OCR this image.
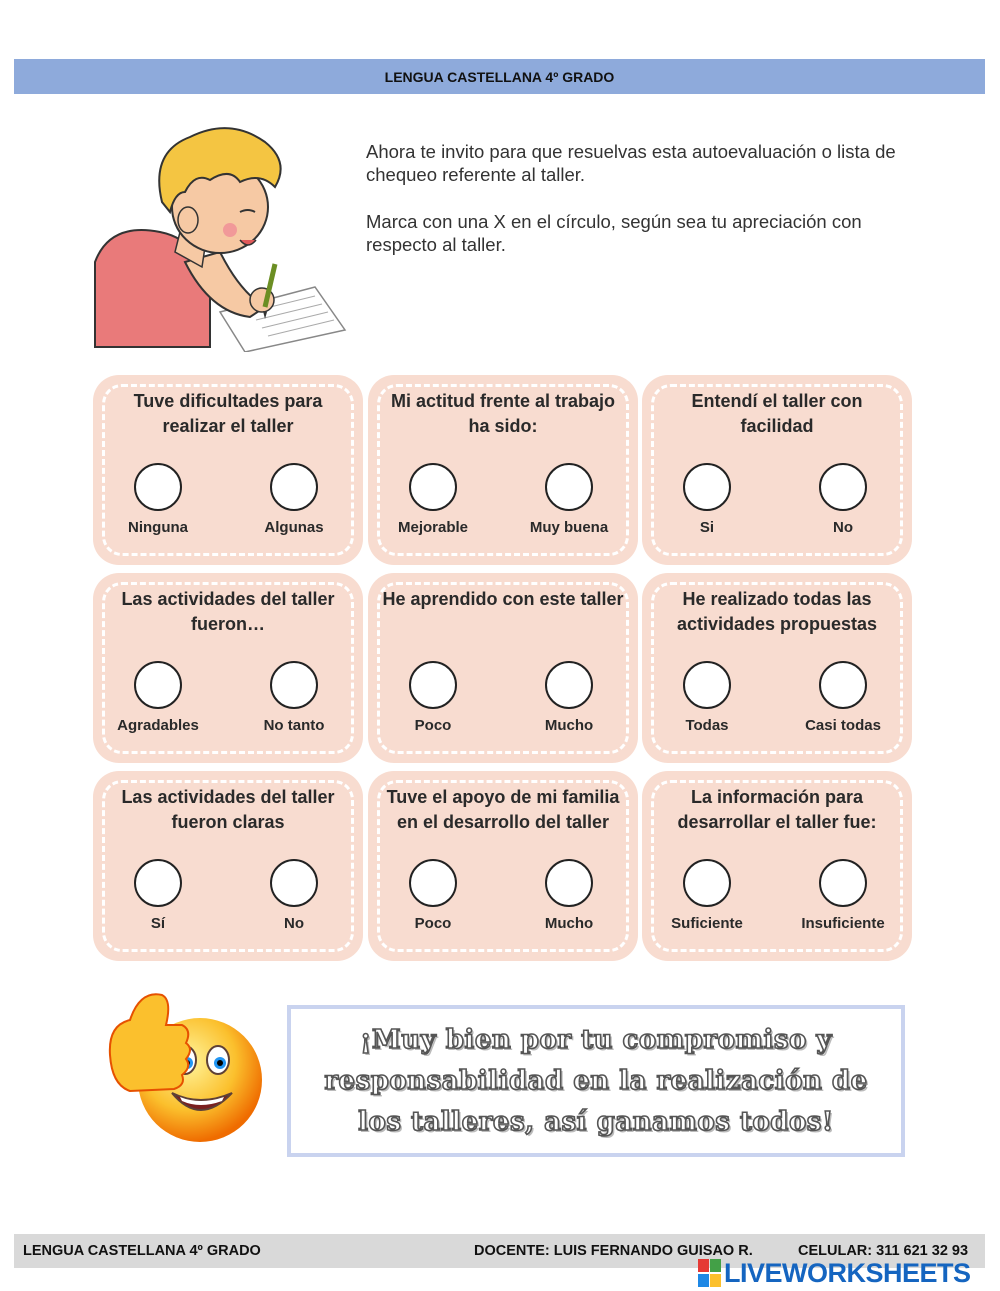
LENGUA CASTELLANA 4º GRADO

Ahora te invito para que resuelvas esta autoevaluación o lista de chequeo referente al taller.

Marca con una X en el círculo, según sea tu apreciación con respecto al taller.

Tuve dificultades para realizar el taller
Ninguna	Algunas
Mi actitud frente al trabajo ha sido:
Mejorable	Muy buena
Entendí el taller con facilidad
Si	No
Las actividades del taller fueron…
Agradables	No tanto
He aprendido con este taller
Poco	Mucho
He realizado todas las actividades propuestas
Todas	Casi todas
Las actividades del taller fueron claras
Sí	No
Tuve el apoyo de mi familia en el desarrollo del taller
Poco	Mucho
La información para desarrollar el taller fue:
Suficiente	Insuficiente
¡Muy bien por tu compromiso y responsabilidad en la realización de los talleres, así ganamos todos!
LENGUA CASTELLANA 4º GRADO	DOCENTE: LUIS FERNANDO GUISAO R.	CELULAR: 311 621 32 93
LIVEWORKSHEETS
